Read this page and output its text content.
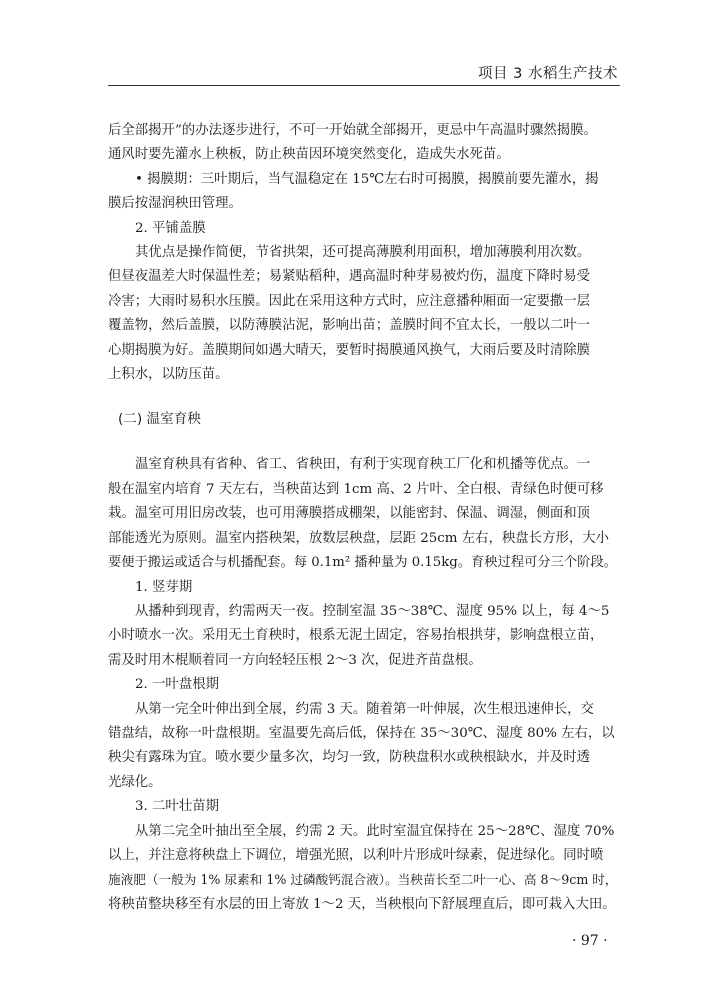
项目 3 水稻生产技术

后全部揭开”的办法逐步进行，不可一开始就全部揭开，更忌中午高温时骤然揭膜。

通风时要先灌水上秧板，防止秧苗因环境突然变化，造成失水死苗。

• 揭膜期：三叶期后，当气温稳定在 15℃左右时可揭膜，揭膜前要先灌水，揭

膜后按湿润秧田管理。

2. 平铺盖膜

其优点是操作简便，节省拱架，还可提高薄膜利用面积，增加薄膜利用次数。

但昼夜温差大时保温性差；易紧贴稻种，遇高温时种芽易被灼伤，温度下降时易受

冷害；大雨时易积水压膜。因此在采用这种方式时，应注意播种厢面一定要撒一层

覆盖物，然后盖膜，以防薄膜沾泥，影响出苗；盖膜时间不宜太长，一般以二叶一

心期揭膜为好。盖膜期间如遇大晴天，要暂时揭膜通风换气，大雨后要及时清除膜

上积水，以防压苗。

(二) 温室育秧

温室育秧具有省种、省工、省秧田，有利于实现育秧工厂化和机播等优点。一

般在温室内培育 7 天左右，当秧苗达到 1cm 高、2 片叶、全白根、青绿色时便可移

栽。温室可用旧房改装，也可用薄膜搭成棚架，以能密封、保温、调湿，侧面和顶

部能透光为原则。温室内搭秧架，放数层秧盘，层距 25cm 左右，秧盘长方形，大小

要便于搬运或适合与机播配套。每 0.1m² 播种量为 0.15kg。育秧过程可分三个阶段。

1. 竖芽期

从播种到现青，约需两天一夜。控制室温 35～38℃、湿度 95% 以上，每 4～5

小时喷水一次。采用无土育秧时，根系无泥土固定，容易抬根拱芽，影响盘根立苗，

需及时用木棍顺着同一方向轻轻压根 2～3 次，促进齐苗盘根。

2. 一叶盘根期

从第一完全叶伸出到全展，约需 3 天。随着第一叶伸展，次生根迅速伸长，交

错盘结，故称一叶盘根期。室温要先高后低，保持在 35～30℃、湿度 80% 左右，以

秧尖有露珠为宜。喷水要少量多次，均匀一致，防秧盘积水或秧根缺水，并及时透

光绿化。

3. 二叶壮苗期

从第二完全叶抽出至全展，约需 2 天。此时室温宜保持在 25～28℃、湿度 70%

以上，并注意将秧盘上下调位，增强光照，以利叶片形成叶绿素，促进绿化。同时喷

施液肥（一般为 1% 尿素和 1% 过磷酸钙混合液）。当秧苗长至二叶一心、高 8～9cm 时，

将秧苗整块移至有水层的田上寄放 1～2 天，当秧根向下舒展理直后，即可栽入大田。

· 97 ·
